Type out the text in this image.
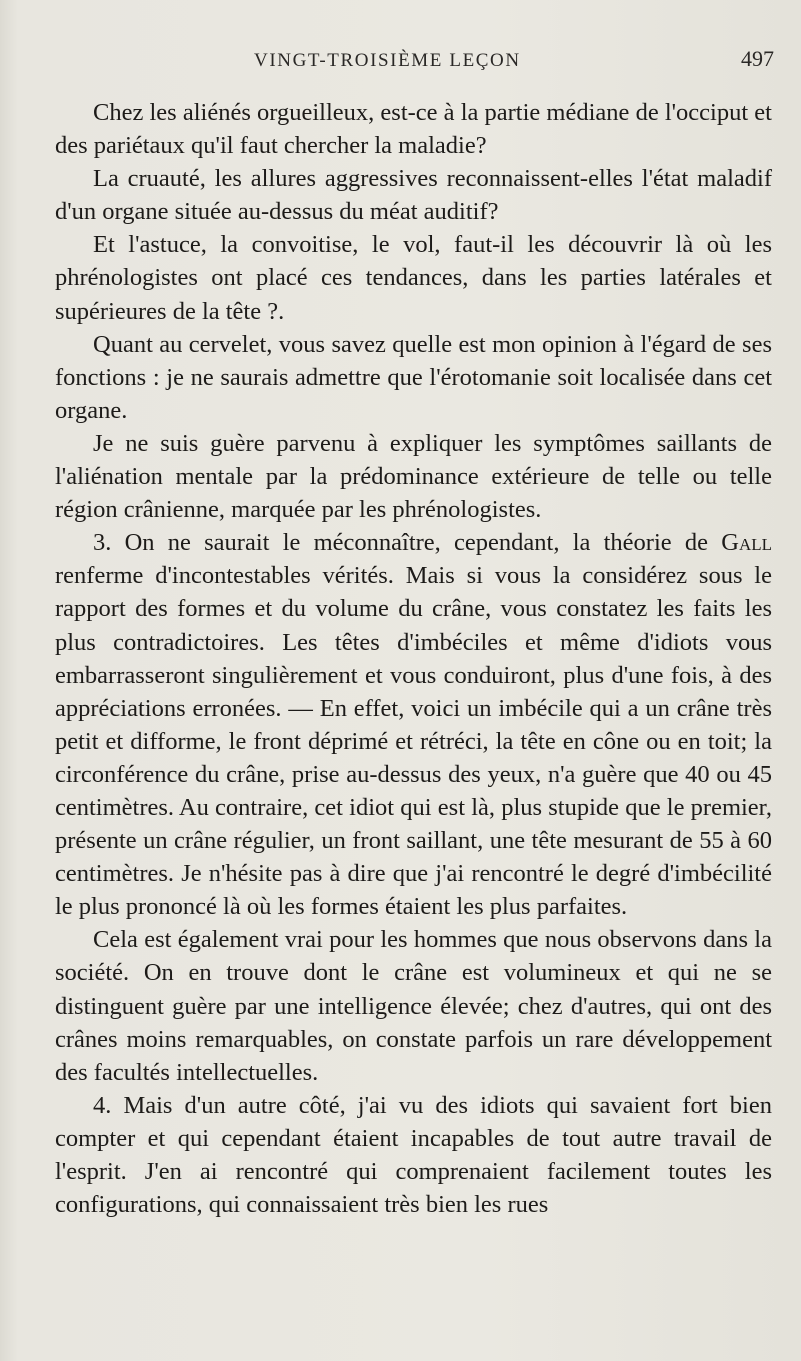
VINGT-TROISIÈME LEÇON	497

Chez les aliénés orgueilleux, est-ce à la partie médiane de l'occiput et des pariétaux qu'il faut chercher la maladie?

La cruauté, les allures aggressives reconnaissent-elles l'état maladif d'un organe située au-dessus du méat auditif?

Et l'astuce, la convoitise, le vol, faut-il les découvrir là où les phrénologistes ont placé ces tendances, dans les parties latérales et supérieures de la tête ?.

Quant au cervelet, vous savez quelle est mon opinion à l'égard de ses fonctions : je ne saurais admettre que l'érotomanie soit localisée dans cet organe.

Je ne suis guère parvenu à expliquer les symptômes saillants de l'aliénation mentale par la prédominance extérieure de telle ou telle région crânienne, marquée par les phrénologistes.

3. On ne saurait le méconnaître, cependant, la théorie de Gall renferme d'incontestables vérités. Mais si vous la considérez sous le rapport des formes et du volume du crâne, vous constatez les faits les plus contradictoires. Les têtes d'imbéciles et même d'idiots vous embarrasseront singulièrement et vous conduiront, plus d'une fois, à des appréciations erronées. — En effet, voici un imbécile qui a un crâne très petit et difforme, le front déprimé et rétréci, la tête en cône ou en toit; la circonférence du crâne, prise au-dessus des yeux, n'a guère que 40 ou 45 centimètres. Au contraire, cet idiot qui est là, plus stupide que le premier, présente un crâne régulier, un front saillant, une tête mesurant de 55 à 60 centimètres. Je n'hésite pas à dire que j'ai rencontré le degré d'imbécilité le plus prononcé là où les formes étaient les plus parfaites.

Cela est également vrai pour les hommes que nous observons dans la société. On en trouve dont le crâne est volumineux et qui ne se distinguent guère par une intelligence élevée; chez d'autres, qui ont des crânes moins remarquables, on constate parfois un rare développement des facultés intellectuelles.

4. Mais d'un autre côté, j'ai vu des idiots qui savaient fort bien compter et qui cependant étaient incapables de tout autre travail de l'esprit. J'en ai rencontré qui comprenaient facilement toutes les configurations, qui connaissaient très bien les rues
